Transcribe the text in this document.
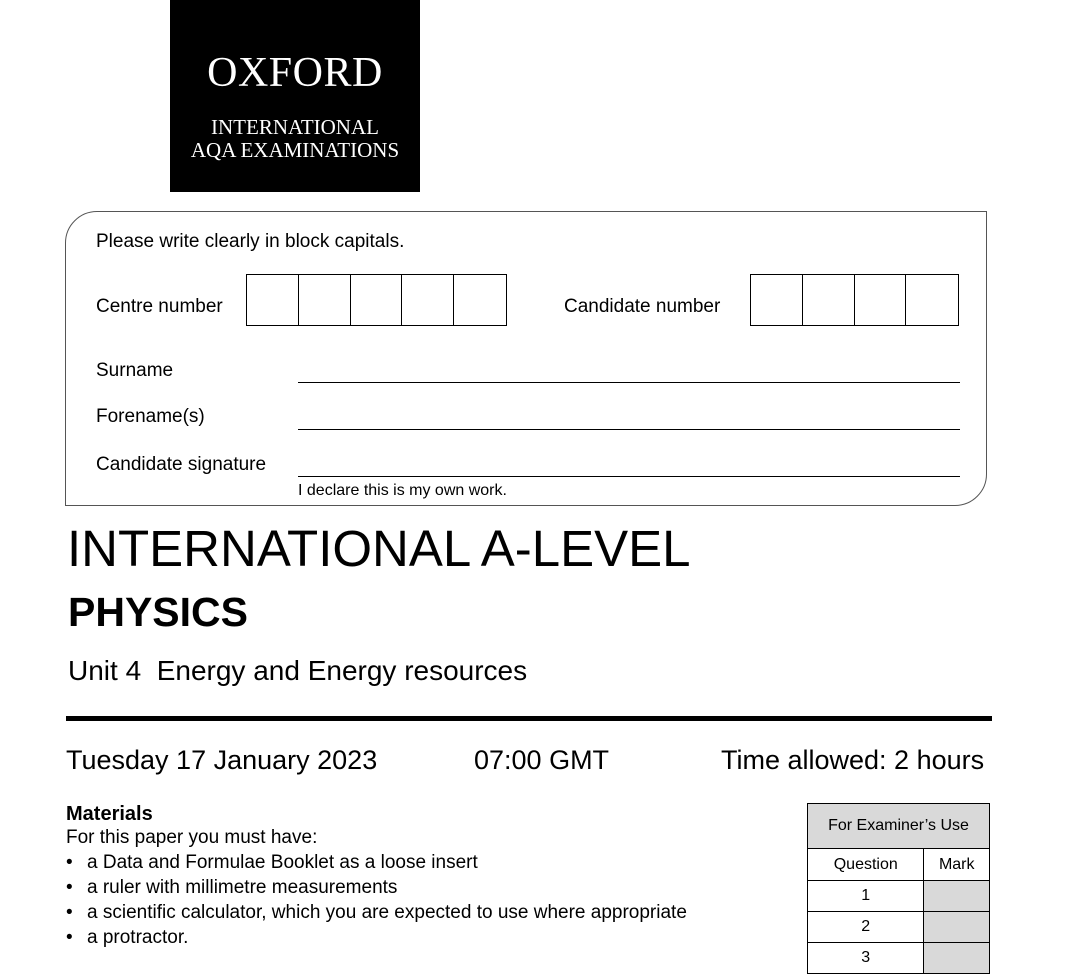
OXFORD
INTERNATIONAL
AQA EXAMINATIONS
Please write clearly in block capitals.
Centre number	Candidate number
Surname
Forename(s)
Candidate signature
I declare this is my own work.
INTERNATIONAL A-LEVEL
PHYSICS
Unit 4  Energy and Energy resources
Tuesday 17 January 2023	07:00 GMT	Time allowed: 2 hours
Materials
For this paper you must have:
• a Data and Formulae Booklet as a loose insert
• a ruler with millimetre measurements
• a scientific calculator, which you are expected to use where appropriate
• a protractor.
For Examiner’s Use	
Question	Mark
1	
2	
3	
